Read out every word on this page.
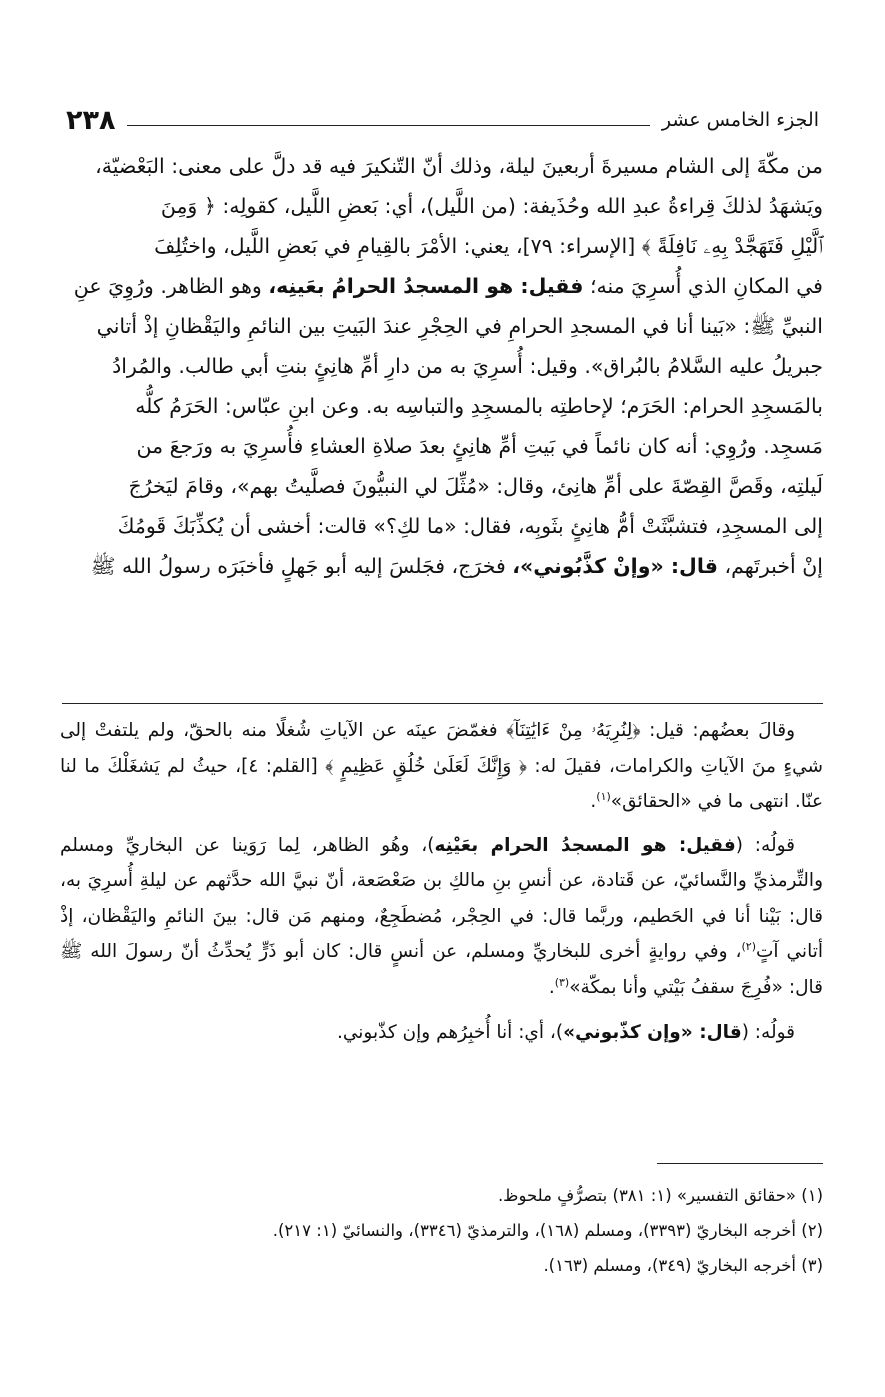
٢٣٨	الجزء الخامس عشر

من مكّةَ إلى الشام مسيرةَ أربعينَ ليلة، وذلك أنّ التّنكيرَ فيه قد دلَّ على معنى: البَعْضيّة،

ويَشهَدُ لذلكَ قِراءةُ عبدِ الله وحُذَيفة: (من اللَّيل)، أي: بَعضِ اللَّيل، كقولِه: ﴿ وَمِنَ

ٱلَّيْلِ فَتَهَجَّدْ بِهِۦ نَافِلَةً ﴾ [الإسراء: ٧٩]، يعني: الأمْرَ بالقِيامِ في بَعضِ اللَّيل، واختُلِفَ

في المكانِ الذي أُسرِيَ منه؛ فقيل: هو المسجدُ الحرامُ بعَينِه، وهو الظاهر. ورُوِيَ عنِ

النبيِّ ﷺ: «بَينا أنا في المسجدِ الحرامِ في الحِجْرِ عندَ البَيتِ بين النائمِ واليَقْظانِ إذْ أتاني

جبريلُ عليه السَّلامُ بالبُراق». وقيل: أُسرِيَ به من دارِ أمِّ هانِئٍ بنتِ أبي طالب. والمُرادُ

بالمَسجِدِ الحرام: الحَرَم؛ لإحاطتِه بالمسجِدِ والتباسِه به. وعن ابنِ عبّاس: الحَرَمُ كلُّه

مَسجِد. ورُوِي: أنه كان نائماً في بَيتِ أمِّ هانِئٍ بعدَ صلاةِ العشاءِ فأُسرِيَ به ورَجعَ من

لَيلتِه، وقَصَّ القِصّةَ على أمِّ هانِئ، وقال: «مُثِّلَ لي النبيُّونَ فصلَّيتُ بهم»، وقامَ ليَخرُجَ

إلى المسجِدِ، فتشبَّثَتْ أمُّ هانِئٍ بثَوبِه، فقال: «ما لكِ؟» قالت: أخشى أن يُكذِّبَكَ قَومُكَ

إنْ أخبرتَهم، قال: «وإنْ كذَّبُوني»، فخرَج، فجَلسَ إليه أبو جَهلٍ فأخبَرَه رسولُ الله ﷺ

وقالَ بعضُهم: قيل: ﴿لِنُرِيَهُۥ مِنْ ءَايَٰتِنَآ﴾ فغمّضَ عينَه عن الآياتِ شُغلًا منه بالحقّ، ولم يلتفتْ إلى شيءٍ منَ الآياتِ والكرامات، فقيلَ له: ﴿ وَإِنَّكَ لَعَلَىٰ خُلُقٍ عَظِيمٍ ﴾ [القلم: ٤]، حيثُ لم يَشغَلْكَ ما لنا عنّا. انتهى ما في «الحقائق»$^{(١)}$.

قولُه: (فقيل: هو المسجدُ الحرام بعَيْنِه)، وهُو الظاهر، لِما رَوَينا عن البخاريِّ ومسلم والتِّرمذيِّ والنَّسائيّ، عن قَتادة، عن أنسِ بنِ مالكِ بن صَعْصَعة، أنّ نبيَّ الله حدَّثهم عن ليلةِ أُسرِيَ به، قال: بَيْنا أنا في الحَطيم، وربَّما قال: في الحِجْر، مُضطَجِعٌ، ومنهم مَن قال: بينَ النائمِ واليَقْظان، إذْ أتاني آتٍ$^{(٢)}$، وفي روايةٍ أخرى للبخاريِّ ومسلم، عن أنسٍ قال: كان أبو ذَرٍّ يُحدِّثُ أنّ رسولَ الله ﷺ قال: «فُرِجَ سقفُ بَيْتي وأنا بمكّة»$^{(٣)}$.

قولُه: (قال: «وإن كذّبوني»)، أي: أنا أُخبِرُهم وإن كذّبوني.

(١) «حقائق التفسير» (١: ٣٨١) بتصرُّفٍ ملحوظ.

(٢) أخرجه البخاريّ (٣٣٩٣)، ومسلم (١٦٨)، والترمذيّ (٣٣٤٦)، والنسائيّ (١: ٢١٧).

(٣) أخرجه البخاريّ (٣٤٩)، ومسلم (١٦٣).
